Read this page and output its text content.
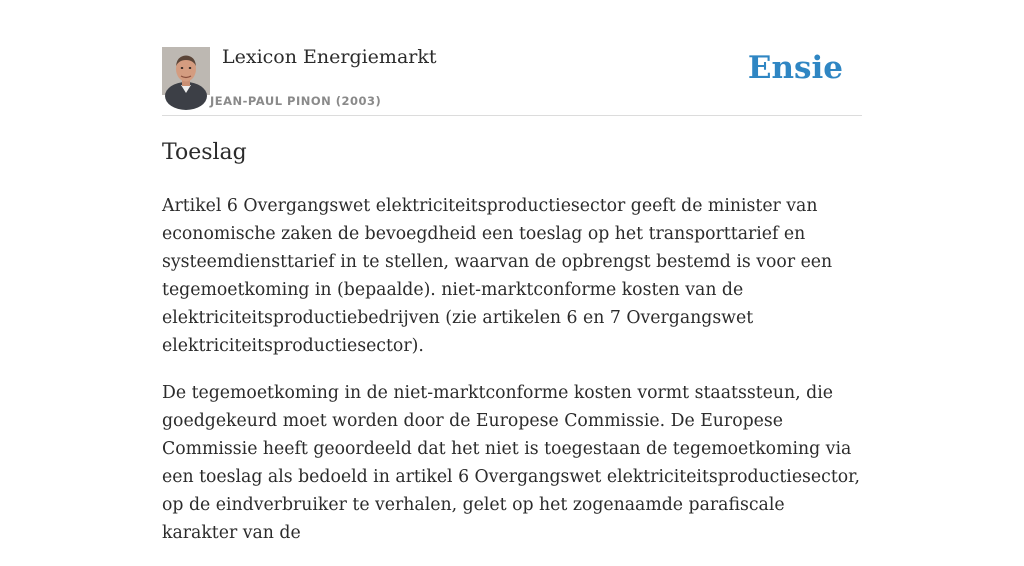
Lexicon Energiemarkt
JEAN-PAUL PINON (2003)
Ensie
Toeslag

Artikel 6 Overgangswet elektriciteitsproductiesector geeft de minister van economische zaken de bevoegdheid een toeslag op het transporttarief en systeemdiensttarief in te stellen, waarvan de opbrengst bestemd is voor een tegemoetkoming in (bepaalde). niet-marktconforme kosten van de elektriciteitsproductiebedrijven (zie artikelen 6 en 7 Overgangswet elektriciteitsproductiesector).

De tegemoetkoming in de niet-marktconforme kosten vormt staatssteun, die goedgekeurd moet worden door de Europese Commissie. De Europese Commissie heeft geoordeeld dat het niet is toegestaan de tegemoetkoming via een toeslag als bedoeld in artikel 6 Overgangswet elektriciteitsproductiesector, op de eindverbruiker te verhalen, gelet op het zogenaamde parafiscale karakter van de
